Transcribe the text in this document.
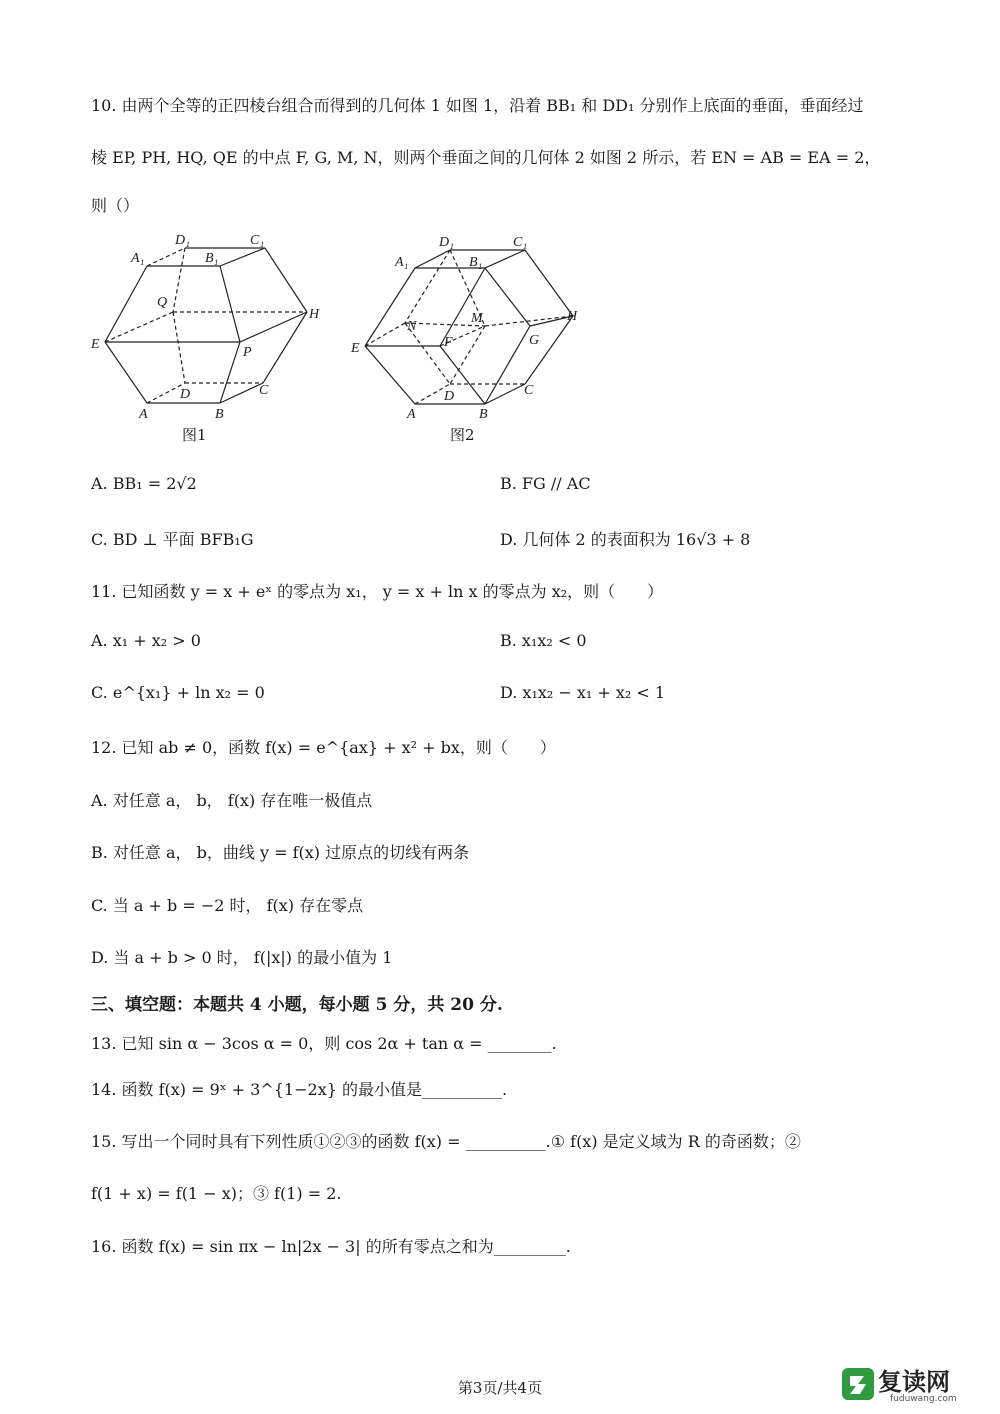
10. 由两个全等的正四棱台组合而得到的几何体 1 如图 1，沿着 BB₁ 和 DD₁ 分别作上底面的垂面，垂面经过
棱 EP, PH, HQ, QE 的中点 F, G, M, N，则两个垂面之间的几何体 2 如图 2 所示，若 EN = AB = EA = 2，
则（）
A₁
D₁
B₁
C₁
Q
H
E
P
D	C
A	B
图1
A₁
D₁
B₁
C₁
N
M	H
E	F	G
D	C
A	B
图2
A. BB₁ = 2√2	B. FG // AC
C. BD ⊥ 平面 BFB₁G	D. 几何体 2 的表面积为 16√3 + 8
11. 已知函数 y = x + eˣ 的零点为 x₁， y = x + ln x 的零点为 x₂，则（　　）
A. x₁ + x₂ > 0	B. x₁x₂ < 0
C. e^{x₁} + ln x₂ = 0	D. x₁x₂ − x₁ + x₂ < 1
12. 已知 ab ≠ 0，函数 f(x) = e^{ax} + x² + bx，则（　　）
A. 对任意 a， b， f(x) 存在唯一极值点
B. 对任意 a， b，曲线 y = f(x) 过原点的切线有两条
C. 当 a + b = −2 时， f(x) 存在零点
D. 当 a + b > 0 时， f(|x|) 的最小值为 1
三、填空题：本题共 4 小题，每小题 5 分，共 20 分.
13. 已知 sin α − 3cos α = 0，则 cos 2α + tan α = ________.
14. 函数 f(x) = 9ˣ + 3^{1−2x} 的最小值是__________.
15. 写出一个同时具有下列性质①②③的函数 f(x) = __________.① f(x) 是定义域为 R 的奇函数；②
f(1 + x) = f(1 − x)；③ f(1) = 2.
16. 函数 f(x) = sin πx − ln|2x − 3| 的所有零点之和为_________.
第3页/共4页	复读网
fuduwang.com
